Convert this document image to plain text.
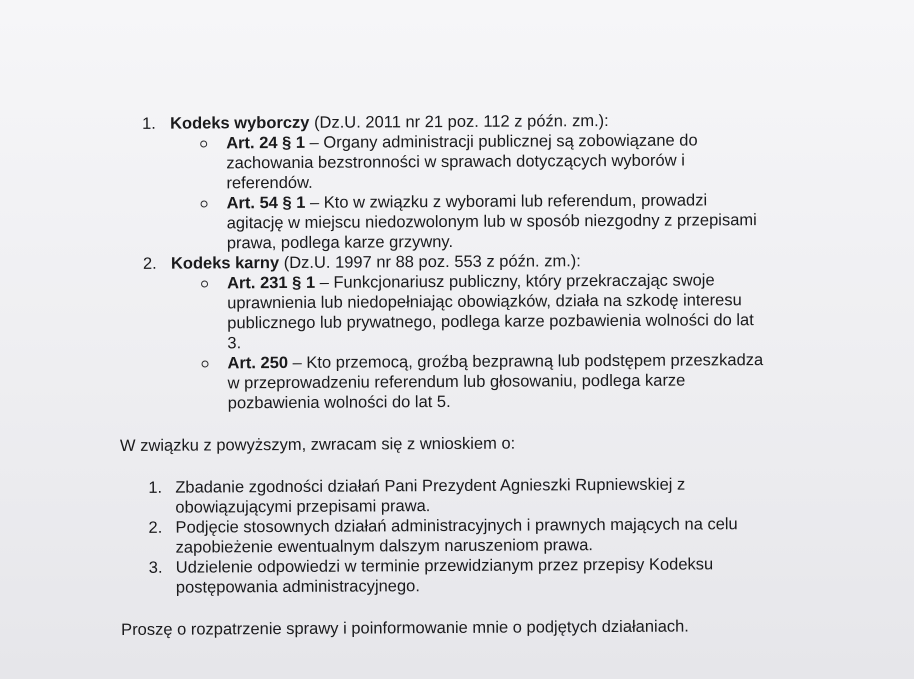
1. Kodeks wyborczy (Dz.U. 2011 nr 21 poz. 112 z późn. zm.):
Art. 24 § 1 – Organy administracji publicznej są zobowiązane do zachowania bezstronności w sprawach dotyczących wyborów i referendów.
Art. 54 § 1 – Kto w związku z wyborami lub referendum, prowadzi agitację w miejscu niedozwolonym lub w sposób niezgodny z przepisami prawa, podlega karze grzywny.
2. Kodeks karny (Dz.U. 1997 nr 88 poz. 553 z późn. zm.):
Art. 231 § 1 – Funkcjonariusz publiczny, który przekraczając swoje uprawnienia lub niedopełniając obowiązków, działa na szkodę interesu publicznego lub prywatnego, podlega karze pozbawienia wolności do lat 3.
Art. 250 – Kto przemocą, groźbą bezprawną lub podstępem przeszkadza w przeprowadzeniu referendum lub głosowaniu, podlega karze pozbawienia wolności do lat 5.

W związku z powyższym, zwracam się z wnioskiem o:

1. Zbadanie zgodności działań Pani Prezydent Agnieszki Rupniewskiej z obowiązującymi przepisami prawa.
2. Podjęcie stosownych działań administracyjnych i prawnych mających na celu zapobieżenie ewentualnym dalszym naruszeniom prawa.
3. Udzielenie odpowiedzi w terminie przewidzianym przez przepisy Kodeksu postępowania administracyjnego.

Proszę o rozpatrzenie sprawy i poinformowanie mnie o podjętych działaniach.
